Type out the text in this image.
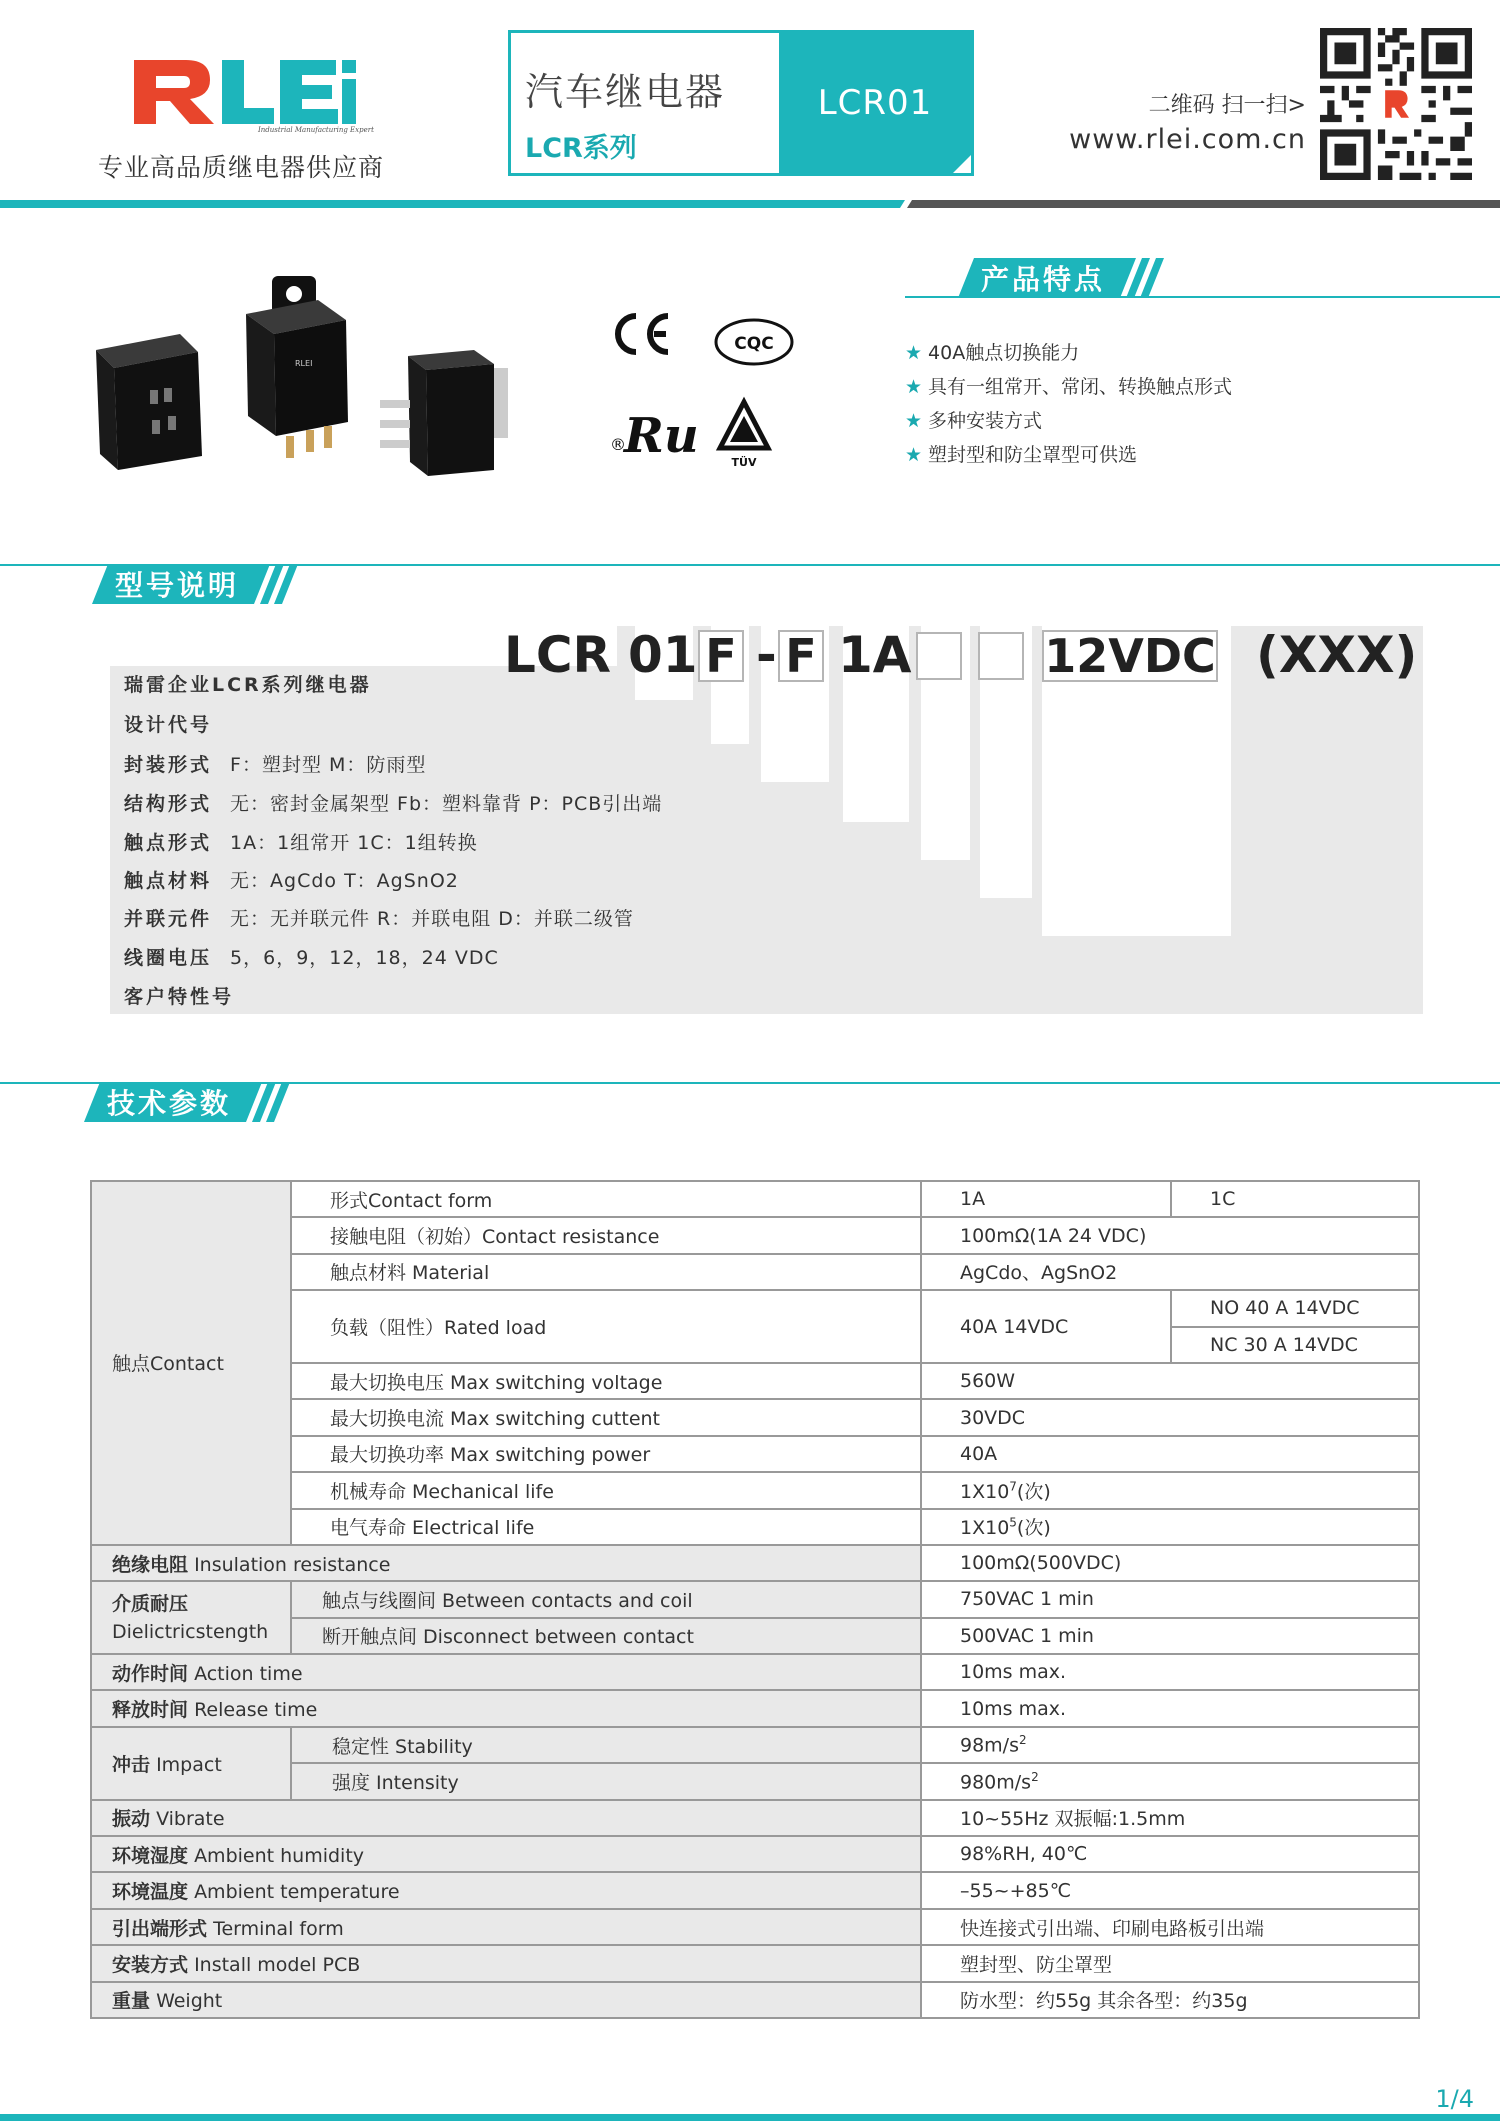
Industrial Manufacturing Expert
专业高品质继电器供应商
汽车继电器
LCR系列
LCR01	二维码 扫一扫>
www.rlei.com.cn
RLEI
CQC
®
Ru	TÜV
产品特点
★ 40A触点切换能力
★ 具有一组常开、常闭、转换触点形式
★ 多种安装方式
★ 塑封型和防尘罩型可供选
型号说明
LCR 01 F - F 1A	12VDC (XXX)
瑞雷企业LCR系列继电器
设计代号
封装形式 F：塑封型 M：防雨型
结构形式 无：密封金属架型 Fb：塑料靠背 P：PCB引出端
触点形式 1A：1组常开 1C：1组转换
触点材料 无：AgCdo T：AgSnO2
并联元件 无：无并联元件 R：并联电阻 D：并联二级管
线圈电压 5，6，9，12，18，24 VDC
客户特性号
技术参数
触点Contact	形式Contact form	1A	1C
	接触电阻（初始）Contact resistance	100mΩ(1A 24 VDC)	
	触点材料 Material	AgCdo、AgSnO2	
	负载（阻性）Rated load	40A 14VDC	NO 40 A 14VDC
			NC 30 A 14VDC
	最大切换电压 Max switching voltage	560W	
	最大切换电流 Max switching cuttent	30VDC	
	最大切换功率 Max switching power	40A	
	机械寿命 Mechanical life	$1X10^7$(次)	
	电气寿命 Electrical life	$1X10^5$(次)	
绝缘电阻 Insulation resistance		100mΩ(500VDC)	
介质耐压
Dielictricstength	触点与线圈间 Between contacts and coil	750VAC 1 min	
	断开触点间 Disconnect between contact	500VAC 1 min	
动作时间 Action time		10ms max.	
释放时间 Release time		10ms max.	
冲击 Impact	稳定性 Stability	$98m/s^2$
	强度 Intensity	$980m/s^2$
振动 Vibrate		10~55Hz 双振幅:1.5mm	
环境湿度 Ambient humidity		98%RH, 40℃	
环境温度 Ambient temperature		–55~+85℃	
引出端形式 Terminal form		快连接式引出端、印刷电路板引出端	
安装方式 Install model PCB		塑封型、防尘罩型	
重量 Weight		防水型：约55g 其余各型：约35g	
1/4
